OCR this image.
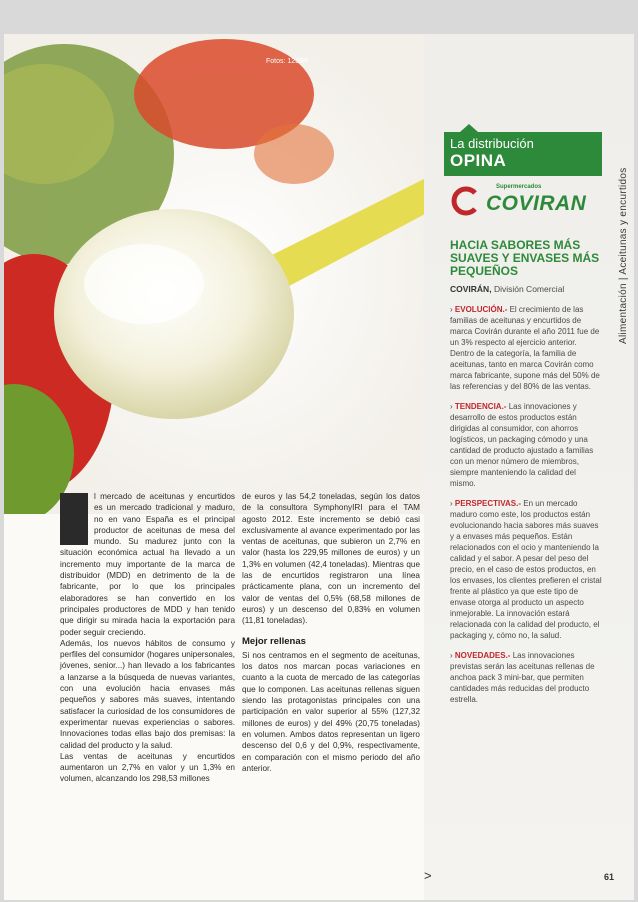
Fotos: 123RF
Alimentación | Aceitunas y encurtidos
La distribución
OPINA
Supermercados
COVIRAN
HACIA SABORES MÁS SUAVES Y ENVASES MÁS PEQUEÑOS
COVIRÁN, División Comercial

› EVOLUCIÓN.- El crecimiento de las familias de aceitunas y encurtidos de marca Covirán durante el año 2011 fue de un 3% respecto al ejercicio anterior. Dentro de la categoría, la familia de aceitunas, tanto en marca Covirán como marca fabricante, supone más del 50% de las referencias y del 80% de las ventas.

› TENDENCIA.- Las innovaciones y desarrollo de estos productos están dirigidas al consumidor, con ahorros logísticos, un packaging cómodo y una cantidad de producto ajustado a familias con un menor número de miembros, siempre manteniendo la calidad del mismo.

› PERSPECTIVAS.- En un mercado maduro como este, los productos están evolucionando hacia sabores más suaves y a envases más pequeños. Están relacionados con el ocio y manteniendo la calidad y el sabor. A pesar del peso del precio, en el caso de estos productos, en los envases, los clientes prefieren el cristal frente al plástico ya que este tipo de envase otorga al producto un aspecto inmejorable. La innovación estará relacionada con la calidad del producto, el packaging y, cómo no, la salud.

› NOVEDADES.- Las innovaciones previstas serán las aceitunas rellenas de anchoa pack 3 mini-bar, que permiten cantidades más reducidas del producto estrella.

l mercado de aceitunas y encurtidos es un mercado tradicional y maduro, no en vano España es el principal productor de aceitunas de mesa del mundo. Su madurez junto con la situación económica actual ha llevado a un incremento muy importante de la marca de distribuidor (MDD) en detrimento de la de fabricante, por lo que los principales elaboradores se han convertido en los principales productores de MDD y han tenido que dirigir su mirada hacia la exportación para poder seguir creciendo.

Además, los nuevos hábitos de consumo y perfiles del consumidor (hogares unipersonales, jóvenes, senior...) han llevado a los fabricantes a lanzarse a la búsqueda de nuevas variantes, con una evolución hacia envases más pequeños y sabores más suaves, intentando satisfacer la curiosidad de los consumidores de experimentar nuevas experiencias o sabores. Innovaciones todas ellas bajo dos premisas: la calidad del producto y la salud.

Las ventas de aceitunas y encurtidos aumentaron un 2,7% en valor y un 1,3% en volumen, alcanzando los 298,53 millones

de euros y las 54,2 toneladas, según los datos de la consultora SymphonyIRI para el TAM agosto 2012. Este incremento se debió casi exclusivamente al avance experimentado por las ventas de aceitunas, que subieron un 2,7% en valor (hasta los 229,95 millones de euros) y un 1,3% en volumen (42,4 toneladas). Mientras que las de encurtidos registraron una línea prácticamente plana, con un incremento del valor de ventas del 0,5% (68,58 millones de euros) y un descenso del 0,83% en volumen (11,81 toneladas).

Mejor rellenas

Si nos centramos en el segmento de aceitunas, los datos nos marcan pocas variaciones en cuanto a la cuota de mercado de las categorías que lo componen. Las aceitunas rellenas siguen siendo las protagonistas principales con una participación en valor superior al 55% (127,32 millones de euros) y del 49% (20,75 toneladas) en volumen. Ambos datos representan un ligero descenso del 0,6 y del 0,9%, respectivamente, en comparación con el mismo periodo del año anterior.

>	61
